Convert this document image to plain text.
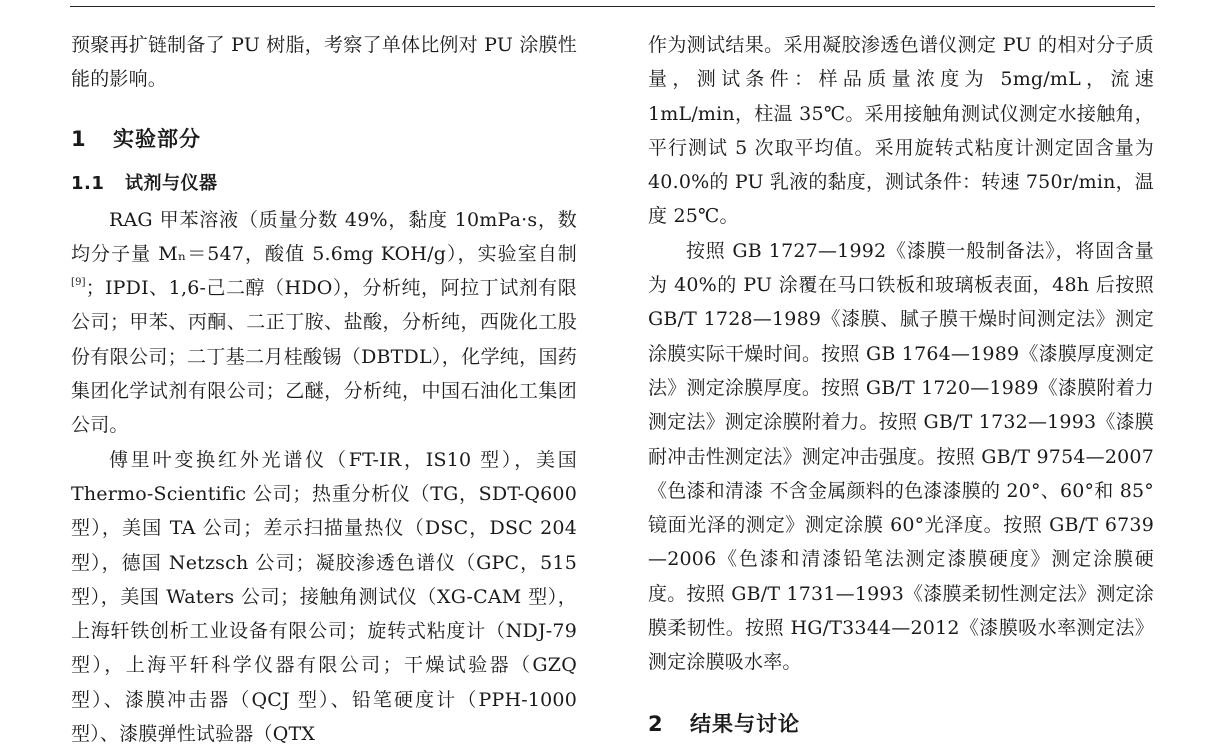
预聚再扩链制备了 PU 树脂，考察了单体比例对 PU 涂膜性能的影响。

1 实验部分
1.1 试剂与仪器

RAG 甲苯溶液（质量分数 49%，黏度 10mPa·s，数均分子量 Mₙ＝547，酸值 5.6mg KOH/g），实验室自制[9]；IPDI、1,6-己二醇（HDO），分析纯，阿拉丁试剂有限公司；甲苯、丙酮、二正丁胺、盐酸，分析纯，西陇化工股份有限公司；二丁基二月桂酸锡（DBTDL），化学纯，国药集团化学试剂有限公司；乙醚，分析纯，中国石油化工集团公司。

傅里叶变换红外光谱仪（FT-IR，IS10 型），美国 Thermo-Scientific 公司；热重分析仪（TG，SDT-Q600 型），美国 TA 公司；差示扫描量热仪（DSC，DSC 204 型），德国 Netzsch 公司；凝胶渗透色谱仪（GPC，515 型），美国 Waters 公司；接触角测试仪（XG-CAM 型），上海轩铁创析工业设备有限公司；旋转式粘度计（NDJ-79 型），上海平轩科学仪器有限公司；干燥试验器（GZQ 型）、漆膜冲击器（QCJ 型）、铅笔硬度计（PPH-1000 型）、漆膜弹性试验器（QTX

作为测试结果。采用凝胶渗透色谱仪测定 PU 的相对分子质量，测试条件：样品质量浓度为 5mg/mL，流速 1mL/min，柱温 35℃。采用接触角测试仪测定水接触角，平行测试 5 次取平均值。采用旋转式粘度计测定固含量为 40.0%的 PU 乳液的黏度，测试条件：转速 750r/min，温度 25℃。

按照 GB 1727—1992《漆膜一般制备法》，将固含量为 40%的 PU 涂覆在马口铁板和玻璃板表面，48h 后按照 GB/T 1728—1989《漆膜、腻子膜干燥时间测定法》测定涂膜实际干燥时间。按照 GB 1764—1989《漆膜厚度测定法》测定涂膜厚度。按照 GB/T 1720—1989《漆膜附着力测定法》测定涂膜附着力。按照 GB/T 1732—1993《漆膜耐冲击性测定法》测定冲击强度。按照 GB/T 9754—2007《色漆和清漆 不含金属颜料的色漆漆膜的 20°、60°和 85°镜面光泽的测定》测定涂膜 60°光泽度。按照 GB/T 6739—2006《色漆和清漆铅笔法测定漆膜硬度》测定涂膜硬度。按照 GB/T 1731—1993《漆膜柔韧性测定法》测定涂膜柔韧性。按照 HG/T3344—2012《漆膜吸水率测定法》测定涂膜吸水率。

2 结果与讨论
